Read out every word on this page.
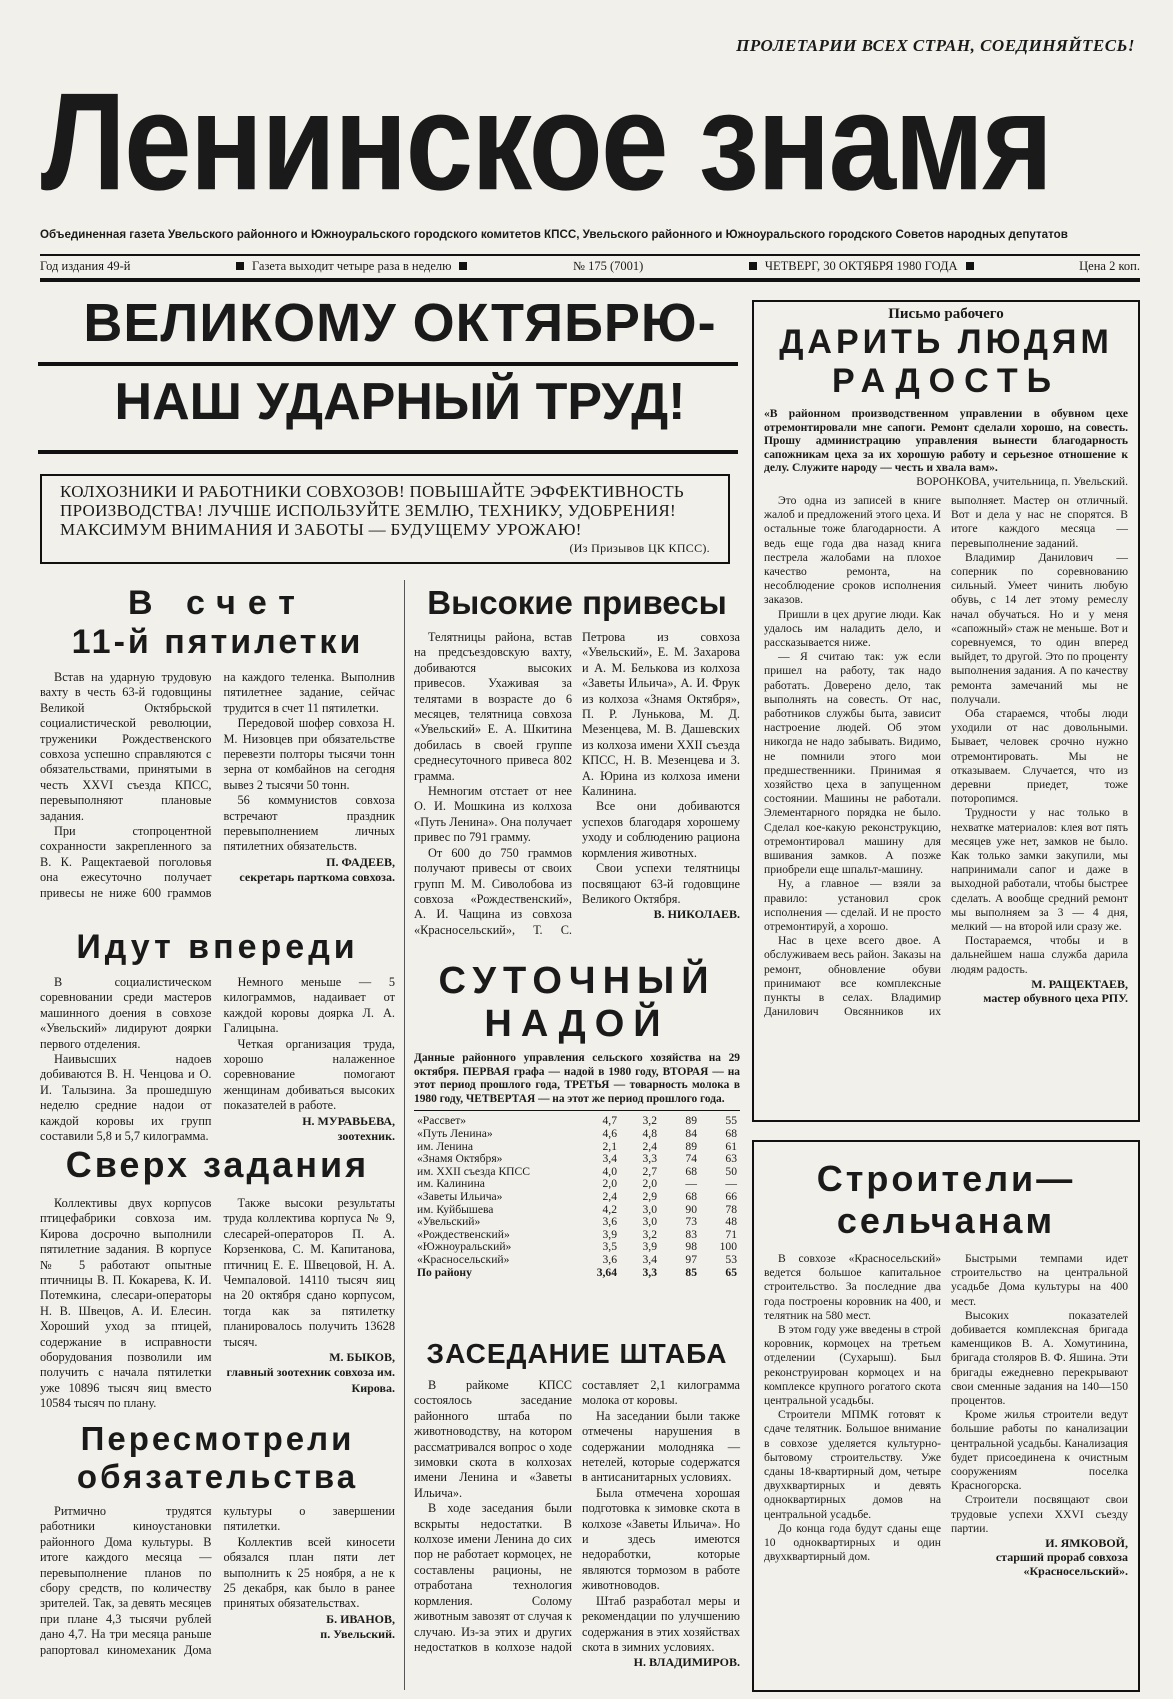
ПРОЛЕТАРИИ ВСЕХ СТРАН, СОЕДИНЯЙТЕСЬ!
Ленинское знамя
Объединенная газета Увельского районного и Южноуральского городского комитетов КПСС, Увельского районного и Южноуральского городского Советов народных депутатов
Год издания 49-й	Газета выходит четыре раза в неделю	№ 175 (7001)	ЧЕТВЕРГ, 30 ОКТЯБРЯ 1980 ГОДА	Цена 2 коп.
ВЕЛИКОМУ ОКТЯБРЮ-
НАШ УДАРНЫЙ ТРУД!
КОЛХОЗНИКИ И РАБОТНИКИ СОВХОЗОВ! ПОВЫШАЙТЕ ЭФФЕКТИВНОСТЬ ПРОИЗВОДСТВА! ЛУЧШЕ ИСПОЛЬЗУЙТЕ ЗЕМЛЮ, ТЕХНИКУ, УДОБРЕНИЯ! МАКСИМУМ ВНИМАНИЯ И ЗАБОТЫ — БУДУЩЕМУ УРОЖАЮ!
(Из Призывов ЦК КПСС).
В счет
11-й пятилетки

Встав на ударную трудовую вахту в честь 63-й годовщины Великой Октябрьской социалистической революции, труженики Рождественского совхоза успешно справляются с обязательствами, принятыми в честь XXVI съезда КПСС, перевыполняют плановые задания.

При стопроцентной сохранности закрепленного за В. К. Ращектаевой поголовья она ежесуточно получает привесы не ниже 600 граммов на каждого теленка. Выполнив пятилетнее задание, сейчас трудится в счет 11 пятилетки.

Передовой шофер совхоза Н. М. Низовцев при обязательстве перевезти полторы тысячи тонн зерна от комбайнов на сегодня вывез 2 тысячи 50 тонн.

56 коммунистов совхоза встречают праздник перевыполнением личных пятилетних обязательств.

П. ФАДЕЕВ,
секретарь парткома совхоза.
Идут впереди

В социалистическом соревновании среди мастеров машинного доения в совхозе «Увельский» лидируют доярки первого отделения.

Наивысших надоев добиваются В. Н. Ченцова и О. И. Талызина. За прошедшую неделю средние надои от каждой коровы их групп составили 5,8 и 5,7 килограмма.

Немного меньше — 5 килограммов, надаивает от каждой коровы доярка Л. А. Галицына.

Четкая организация труда, хорошо налаженное соревнование помогают женщинам добиваться высоких показателей в работе.

Н. МУРАВЬЕВА,
зоотехник.
Сверх задания

Коллективы двух корпусов птицефабрики совхоза им. Кирова досрочно выполнили пятилетние задания. В корпусе № 5 работают опытные птичницы В. П. Кокарева, К. И. Потемкина, слесари-операторы Н. В. Швецов, А. И. Елесин. Хороший уход за птицей, содержание в исправности оборудования позволили им получить с начала пятилетки уже 10896 тысяч яиц вместо 10584 тысяч по плану.

Также высоки результаты труда коллектива корпуса № 9, слесарей-операторов П. А. Корзенкова, С. М. Капитанова, птичниц Е. Е. Швецовой, Н. А. Чемпаловой. 14110 тысяч яиц на 20 октября сдано корпусом, тогда как за пятилетку планировалось получить 13628 тысяч.

М. БЫКОВ,
главный зоотехник совхоза им. Кирова.
Пересмотрели
обязательства

Ритмично трудятся работники киноустановки районного Дома культуры. В итоге каждого месяца — перевыполнение планов по сбору средств, по количеству зрителей. Так, за девять месяцев при плане 4,3 тысячи рублей дано 4,7. На три месяца раньше рапортовал киномеханик Дома культуры о завершении пятилетки.

Коллектив всей киносети обязался план пяти лет выполнить к 25 ноября, а не к 25 декабря, как было в ранее принятых обязательствах.

Б. ИВАНОВ,
п. Увельский.
Высокие привесы

Телятницы района, встав на предсъездовскую вахту, добиваются высоких привесов. Ухаживая за телятами в возрасте до 6 месяцев, телятница совхоза «Увельский» Е. А. Шкитина добилась в своей группе среднесуточного привеса 802 грамма.

Немногим отстает от нее О. И. Мошкина из колхоза «Путь Ленина». Она получает привес по 791 грамму.

От 600 до 750 граммов получают привесы от своих групп М. М. Сиволобова из совхоза «Рождественский», А. И. Чащина из совхоза «Красносельский», Т. С. Петрова из совхоза «Увельский», Е. М. Захарова и А. М. Белькова из колхоза «Заветы Ильича», А. И. Фрук из колхоза «Знамя Октября», П. Р. Лунькова, М. Д. Мезенцева, М. В. Дашевских из колхоза имени XXII съезда КПСС, Н. В. Мезенцева и З. А. Юрина из колхоза имени Калинина.

Все они добиваются успехов благодаря хорошему уходу и соблюдению рациона кормления животных.

Свои успехи телятницы посвящают 63-й годовщине Великого Октября.

В. НИКОЛАЕВ.
СУТОЧНЫЙ
НАДОЙ
Данные районного управления сельского хозяйства на 29 октября. ПЕРВАЯ графа — надой в 1980 году, ВТОРАЯ — на этот период прошлого года, ТРЕТЬЯ — товарность молока в 1980 году, ЧЕТВЕРТАЯ — на этот же период прошлого года.
«Рассвет»	4,7	3,2	89	55
«Путь Ленина»	4,6	4,8	84	68
им. Ленина	2,1	2,4	89	61
«Знамя Октября»	3,4	3,3	74	63
им. XXII съезда КПСС	4,0	2,7	68	50
им. Калинина	2,0	2,0	—	—
«Заветы Ильича»	2,4	2,9	68	66
им. Куйбышева	4,2	3,0	90	78
«Увельский»	3,6	3,0	73	48
«Рождественский»	3,9	3,2	83	71
«Южноуральский»	3,5	3,9	98	100
«Красносельский»	3,6	3,4	97	53
По району	3,64	3,3	85	65
ЗАСЕДАНИЕ ШТАБА

В райкоме КПСС состоялось заседание районного штаба по животноводству, на котором рассматривался вопрос о ходе зимовки скота в колхозах имени Ленина и «Заветы Ильича».

В ходе заседания были вскрыты недостатки. В колхозе имени Ленина до сих пор не работает кормоцех, не составлены рационы, не отработана технология кормления. Солому животным завозят от случая к случаю. Из-за этих и других недостатков в колхозе надой составляет 2,1 килограмма молока от коровы.

На заседании были также отмечены нарушения в содержании молодняка — нетелей, которые содержатся в антисанитарных условиях.

Была отмечена хорошая подготовка к зимовке скота в колхозе «Заветы Ильича». Но и здесь имеются недоработки, которые являются тормозом в работе животноводов.

Штаб разработал меры и рекомендации по улучшению содержания в этих хозяйствах скота в зимних условиях.

Н. ВЛАДИМИРОВ.
Письмо рабочего
ДАРИТЬ ЛЮДЯМ
РАДОСТЬ
«В районном производственном управлении в обувном цехе отремонтировали мне сапоги. Ремонт сделали хорошо, на совесть. Прошу администрацию управления вынести благодарность сапожникам цеха за их хорошую работу и серьезное отношение к делу. Служите народу — честь и хвала вам».
ВОРОНКОВА, учительница, п. Увельский.

Это одна из записей в книге жалоб и предложений этого цеха. И остальные тоже благодарности. А ведь еще года два назад книга пестрела жалобами на плохое качество ремонта, на несоблюдение сроков исполнения заказов.

Пришли в цех другие люди. Как удалось им наладить дело, и рассказывается ниже.

— Я считаю так: уж если пришел на работу, так надо работать. Доверено дело, так выполнять на совесть. От нас, работников службы быта, зависит настроение людей. Об этом никогда не надо забывать. Видимо, не помнили этого мои предшественники. Принимая я хозяйство цеха в запущенном состоянии. Машины не работали. Элементарного порядка не было. Сделал кое-какую реконструкцию, отремонтировал машину для вшивания замков. А позже приобрели еще шпальт-машину.

Ну, а главное — взяли за правило: установил срок исполнения — сделай. И не просто отремонтируй, а хорошо.

Нас в цехе всего двое. А обслуживаем весь район. Заказы на ремонт, обновление обуви принимают все комплексные пункты в селах. Владимир Данилович Овсянников их выполняет. Мастер он отличный. Вот и дела у нас не спорятся. В итоге каждого месяца — перевыполнение заданий.

Владимир Данилович — соперник по соревнованию сильный. Умеет чинить любую обувь, с 14 лет этому ремеслу начал обучаться. Но и у меня «сапожный» стаж не меньше. Вот и соревнуемся, то один вперед выйдет, то другой. Это по проценту выполнения задания. А по качеству ремонта замечаний мы не получали.

Оба стараемся, чтобы люди уходили от нас довольными. Бывает, человек срочно нужно отремонтировать. Мы не отказываем. Случается, что из деревни приедет, тоже поторопимся.

Трудности у нас только в нехватке материалов: клея вот пять месяцев уже нет, замков не было. Как только замки закупили, мы напринимали сапог и даже в выходной работали, чтобы быстрее сделать. А вообще средний ремонт мы выполняем за 3 — 4 дня, мелкий — на второй или сразу же.

Постараемся, чтобы и в дальнейшем наша служба дарила людям радость.

М. РАЩЕКТАЕВ,
мастер обувного цеха РПУ.
Строители—
сельчанам

В совхозе «Красносельский» ведется большое капитальное строительство. За последние два года построены коровник на 400, и телятник на 580 мест.

В этом году уже введены в строй коровник, кормоцех на третьем отделении (Сухарыш). Был реконструирован кормоцех и на комплексе крупного рогатого скота центральной усадьбы.

Строители МПМК готовят к сдаче телятник. Большое внимание в совхозе уделяется культурно-бытовому строительству. Уже сданы 18-квартирный дом, четыре двухквартирных и девять одноквартирных домов на центральной усадьбе.

До конца года будут сданы еще 10 одноквартирных и один двухквартирный дом.

Быстрыми темпами идет строительство на центральной усадьбе Дома культуры на 400 мест.

Высоких показателей добивается комплексная бригада каменщиков В. А. Хомутинина, бригада столяров В. Ф. Яшина. Эти бригады ежедневно перекрывают свои сменные задания на 140—150 процентов.

Кроме жилья строители ведут большие работы по канализации центральной усадьбы. Канализация будет присоединена к очистным сооружениям поселка Красногорска.

Строители посвящают свои трудовые успехи XXVI съезду партии.

И. ЯМКОВОЙ,
старший прораб совхоза «Красносельский».
